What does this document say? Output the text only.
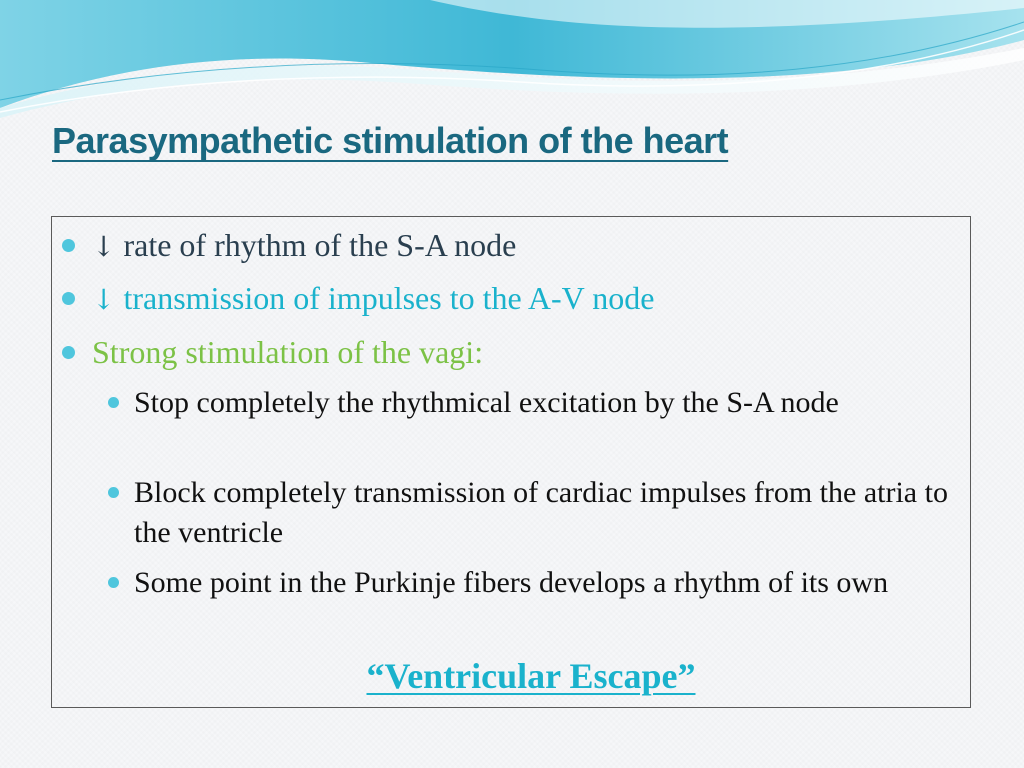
Parasympathetic stimulation of the heart
↓ rate of rhythm of the S-A node
↓ transmission of impulses to the A-V node
Strong stimulation of the vagi:
Stop completely the rhythmical excitation by the S-A node
Block completely transmission of cardiac impulses from the atria to the ventricle
Some point in the Purkinje fibers develops a rhythm of its own
“Ventricular Escape”
